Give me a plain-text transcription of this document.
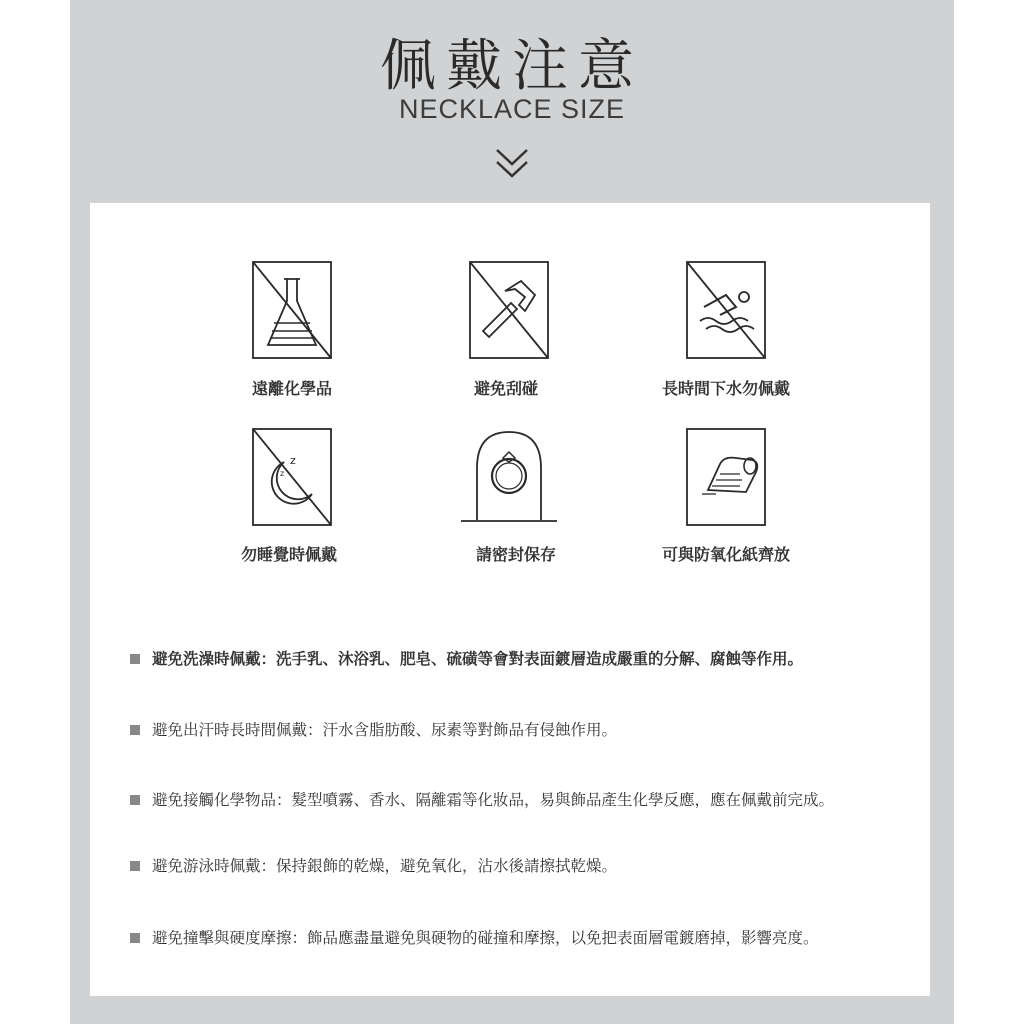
佩戴注意
NECKLACE SIZE
遠離化學品	避免刮碰	長時間下水勿佩戴
z
z
勿睡覺時佩戴	請密封保存	可與防氧化紙齊放
避免洗澡時佩戴：洗手乳、沐浴乳、肥皂、硫磺等會對表面鍍層造成嚴重的分解、腐蝕等作用。
避免出汗時長時間佩戴：汗水含脂肪酸、尿素等對飾品有侵蝕作用。
避免接觸化學物品：髮型噴霧、香水、隔離霜等化妝品，易與飾品產生化學反應，應在佩戴前完成。
避免游泳時佩戴：保持銀飾的乾燥，避免氧化，沾水後請擦拭乾燥。
避免撞擊與硬度摩擦：飾品應盡量避免與硬物的碰撞和摩擦，以免把表面層電鍍磨掉，影響亮度。
